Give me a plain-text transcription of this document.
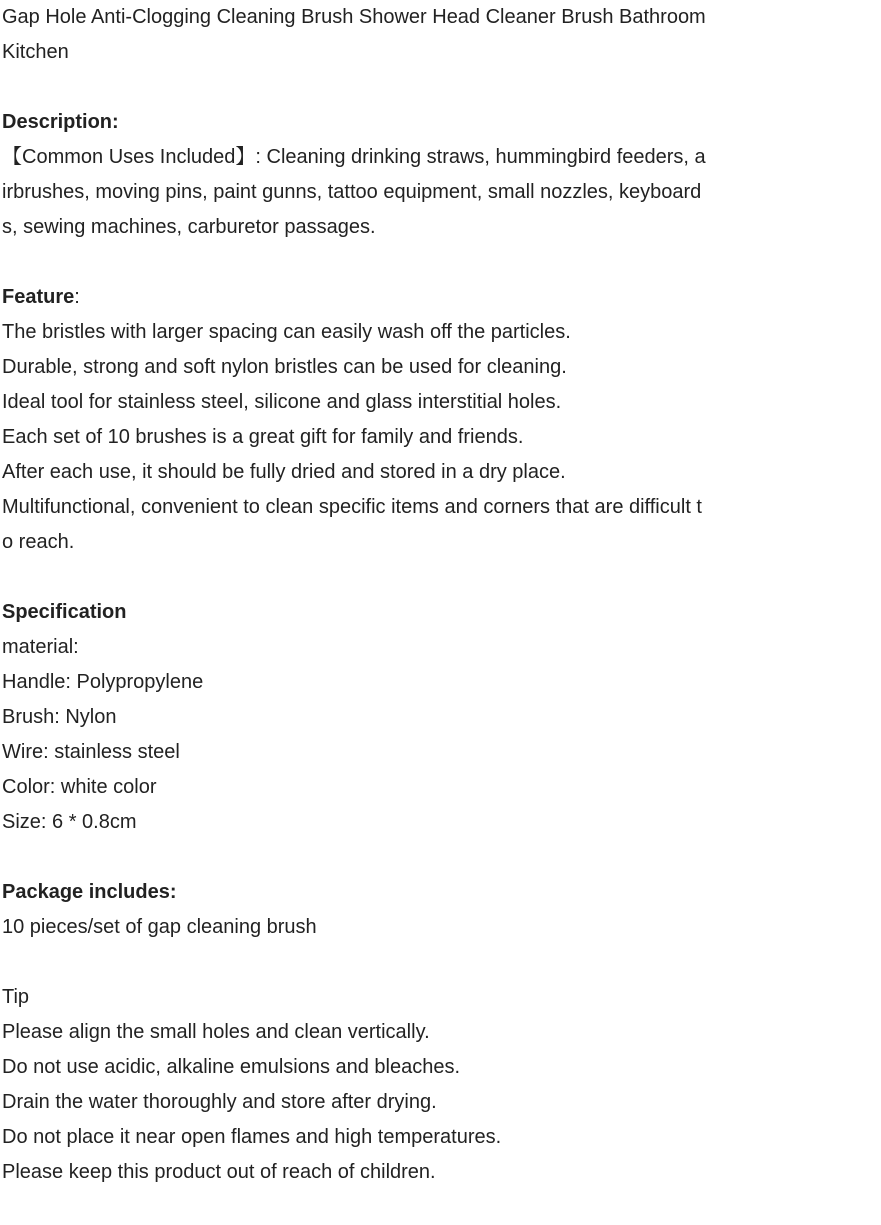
Gap Hole Anti-Clogging Cleaning Brush Shower Head Cleaner Brush Bathroom
Kitchen
Description:
【Common Uses Included】: Cleaning drinking straws, hummingbird feeders, a
irbrushes, moving pins, paint gunns, tattoo equipment, small nozzles, keyboard
s, sewing machines, carburetor passages.
Feature:
The bristles with larger spacing can easily wash off the particles.
Durable, strong and soft nylon bristles can be used for cleaning.
Ideal tool for stainless steel, silicone and glass interstitial holes.
Each set of 10 brushes is a great gift for family and friends.
After each use, it should be fully dried and stored in a dry place.
Multifunctional, convenient to clean specific items and corners that are difficult t
o reach.
Specification
material:
Handle: Polypropylene
Brush: Nylon
Wire: stainless steel
Color: white color
Size: 6 * 0.8cm
Package includes:
10 pieces/set of gap cleaning brush
Tip
Please align the small holes and clean vertically.
Do not use acidic, alkaline emulsions and bleaches.
Drain the water thoroughly and store after drying.
Do not place it near open flames and high temperatures.
Please keep this product out of reach of children.
